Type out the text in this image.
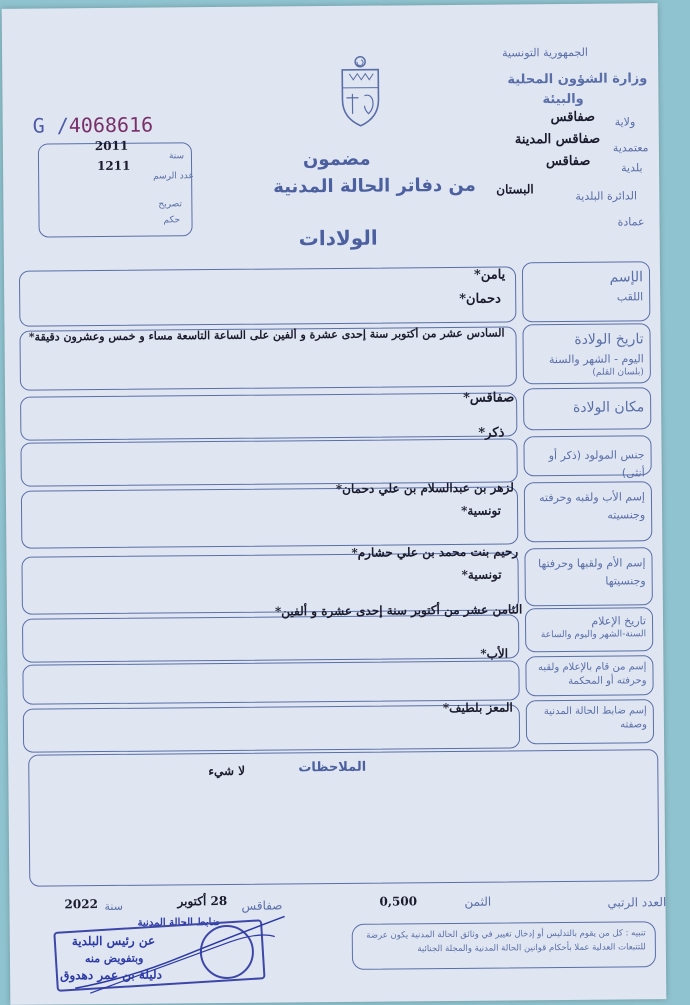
الجمهورية التونسية
وزارة الشؤون المحلية
والبيئة
ولاية
صفاقس
معتمدية
صفاقس المدينة
بلدية
صفاقس
الدائرة البلدية
البستان
عمادة
G /4068616
2011
سنة
1211
عدد الرسم
تصريح
حكم
مضمون
من دفاتر الحالة المدنية
الولادات
الإسم
اللقب
يامن*
دحمان*
تاريخ الولادة
اليوم - الشهر والسنة
(بلسان القلم)
السادس عشر من أكتوبر سنة إحدى عشرة و ألفين على الساعة التاسعة مساء و خمس وعشرون دقيقة*
مكان الولادة
صفاقس*
جنس المولود (ذكر أو أنثى)
ذكر*
إسم الأب ولقبه وحرفته
وجنسيته
لزهر بن عبدالسلام بن علي دحمان*
تونسية*
إسم الأم ولقبها وحرفتها
وجنسيتها
رحيم بنت محمد بن علي حشارم*
تونسية*
تاريخ الإعلام
السنة-الشهر واليوم والساعة
الثامن عشر من أكتوبر سنة إحدى عشرة و ألفين*
إسم من قام بالإعلام ولقبه
وحرفته أو المحكمة
الأب*
إسم ضابط الحالة المدنية
وصفته
المعز بلطيف*
الملاحظات
لا شيء
العدد الرتبي
الثمن
0,500
صفاقس
28 أكتوبر
سنة
2022
تنبيه : كل من يقوم بالتدليس أو إدخال تغيير في وثائق الحالة المدنية يكون عرضة للتتبعات العدلية عملا بأحكام قوانين الحالة المدنية والمجلة الجنائية
ضابط الحالة المدنية
عن رئيس البلدية
وبتفويض منه
دليلة بن عمر دهدوق
